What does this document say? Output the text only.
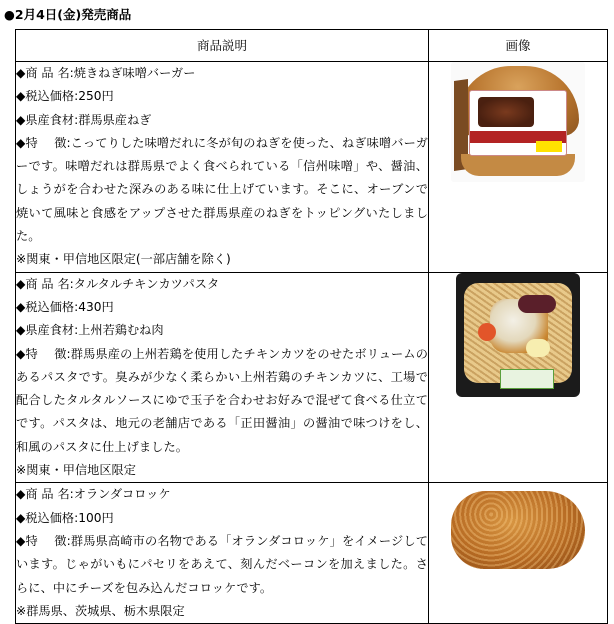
●2月4日(金)発売商品
商品説明	画像

◆商 品 名:焼きねぎ味噌バーガー
◆税込価格:250円
◆県産食材:群馬県産ねぎ
◆特　 徴:こってりした味噌だれに冬が旬のねぎを使った、ねぎ味噌バーガーです。味噌だれは群馬県でよく食べられている「信州味噌」や、醤油、しょうがを合わせた深みのある味に仕上げています。そこに、オーブンで焼いて風味と食感をアップさせた群馬県産のねぎをトッピングいたしました。
※関東・甲信地区限定(一部店舗を除く)	

◆商 品 名:タルタルチキンカツパスタ
◆税込価格:430円
◆県産食材:上州若鶏むね肉
◆特　 徴:群馬県産の上州若鶏を使用したチキンカツをのせたボリュームのあるパスタです。臭みが少なく柔らかい上州若鶏のチキンカツに、工場で配合したタルタルソースにゆで玉子を合わせお好みで混ぜて食べる仕立てです。パスタは、地元の老舗店である「正田醤油」の醤油で味つけをし、和風のパスタに仕上げました。
※関東・甲信地区限定	

◆商 品 名:オランダコロッケ
◆税込価格:100円
◆特　 徴:群馬県高崎市の名物である「オランダコロッケ」をイメージしています。じゃがいもにパセリをあえて、刻んだベーコンを加えました。さらに、中にチーズを包み込んだコロッケです。
※群馬県、茨城県、栃木県限定	
